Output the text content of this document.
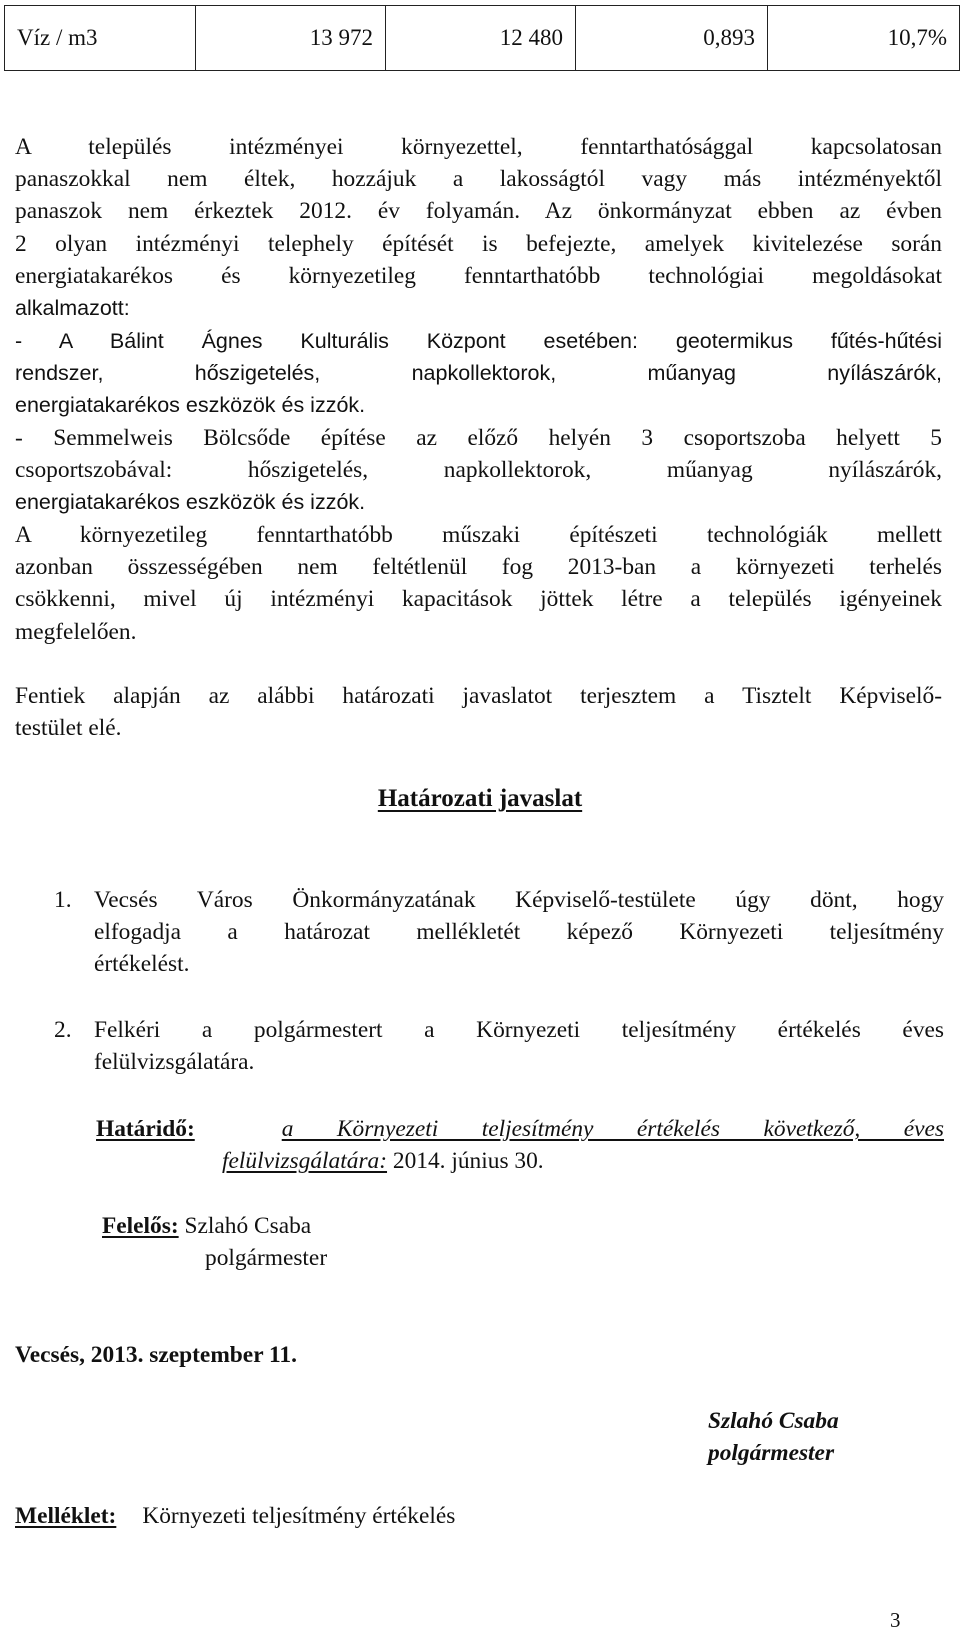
Víz / m3	13 972	12 480	0,893	10,7%
A település intézményei környezettel, fenntarthatósággal kapcsolatosan
panaszokkal nem éltek, hozzájuk a lakosságtól vagy más intézményektől
panaszok nem érkeztek 2012. év folyamán. Az önkormányzat ebben az évben
2 olyan intézményi telephely építését is befejezte, amelyek kivitelezése során
energiatakarékos és környezetileg fenntarthatóbb technológiai megoldásokat
alkalmazott:
- A Bálint Ágnes Kulturális Központ esetében: geotermikus fűtés-hűtési
rendszer, hőszigetelés, napkollektorok, műanyag nyílászárók,
energiatakarékos eszközök és izzók.
- Semmelweis Bölcsőde építése az előző helyén 3 csoportszoba helyett 5
csoportszobával: hőszigetelés, napkollektorok, műanyag nyílászárók,
energiatakarékos eszközök és izzók.
A környezetileg fenntarthatóbb műszaki építészeti technológiák mellett
azonban összességében nem feltétlenül fog 2013-ban a környezeti terhelés
csökkenni, mivel új intézményi kapacitások jöttek létre a település igényeinek
megfelelően.
Fentiek alapján az alábbi határozati javaslatot terjesztem a Tisztelt Képviselő-
testület elé.
Határozati javaslat
1. Vecsés Város Önkormányzatának Képviselő-testülete úgy dönt, hogy
elfogadja a határozat mellékletét képező Környezeti teljesítmény
értékelést.
2. Felkéri a polgármestert a Környezeti teljesítmény értékelés éves
felülvizsgálatára.
Határidő:	a Környezeti teljesítmény értékelés következő, éves
felülvizsgálatára: 2014. június 30.
Felelős: Szlahó Csaba
polgármester

Vecsés, 2013. szeptember 11.

Szlahó Csaba
polgármester

Melléklet: Környezeti teljesítmény értékelés

3
